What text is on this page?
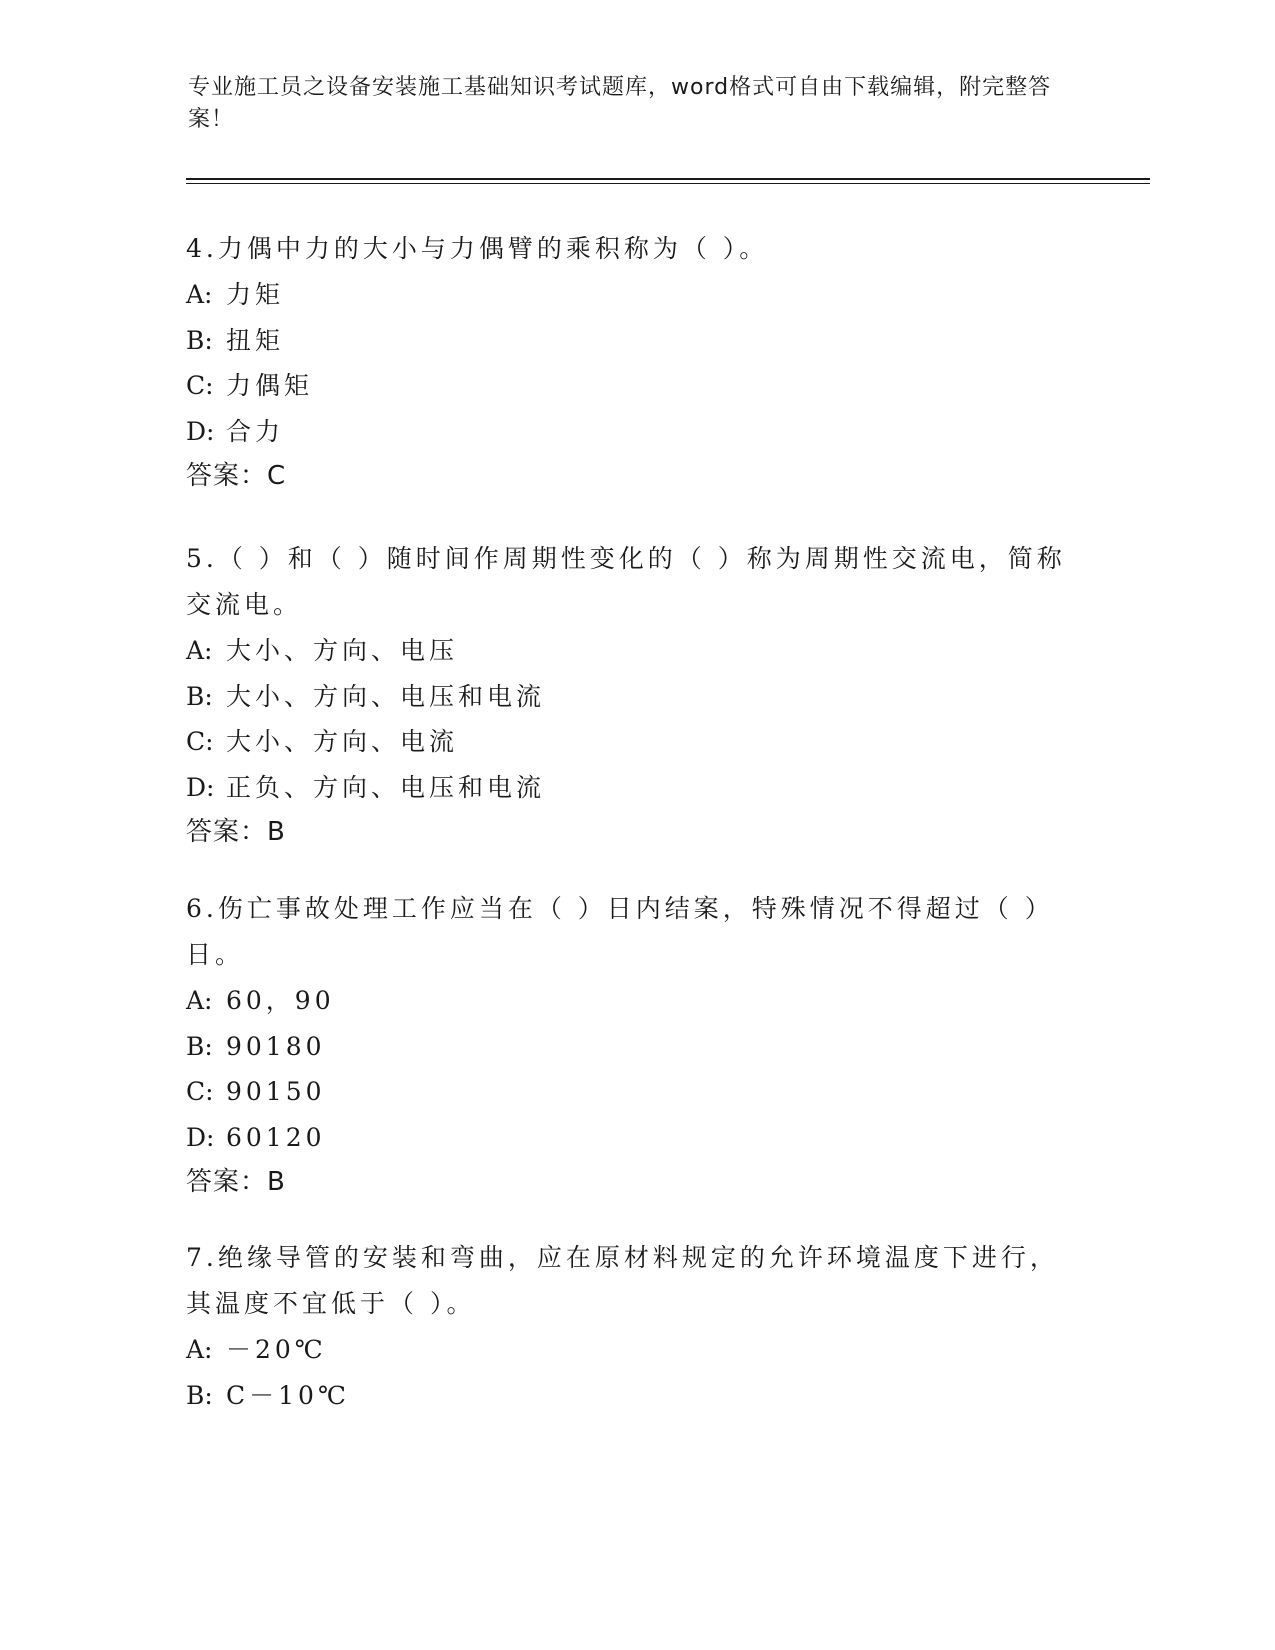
专业施工员之设备安装施工基础知识考试题库，word格式可自由下载编辑，附完整答案！
4.力偶中力的大小与力偶臂的乘积称为（ ）。
A: 力矩
B: 扭矩
C: 力偶矩
D: 合力
答案：C
5.（ ）和（ ）随时间作周期性变化的（ ）称为周期性交流电，简称交流电。
A: 大小、方向、电压
B: 大小、方向、电压和电流
C: 大小、方向、电流
D: 正负、方向、电压和电流
答案：B
6.伤亡事故处理工作应当在（ ）日内结案，特殊情况不得超过（ ）日。
A: 60，90
B: 90180
C: 90150
D: 60120
答案：B
7.绝缘导管的安装和弯曲，应在原材料规定的允许环境温度下进行，其温度不宜低于（ ）。
A: －20℃
B: C－10℃
